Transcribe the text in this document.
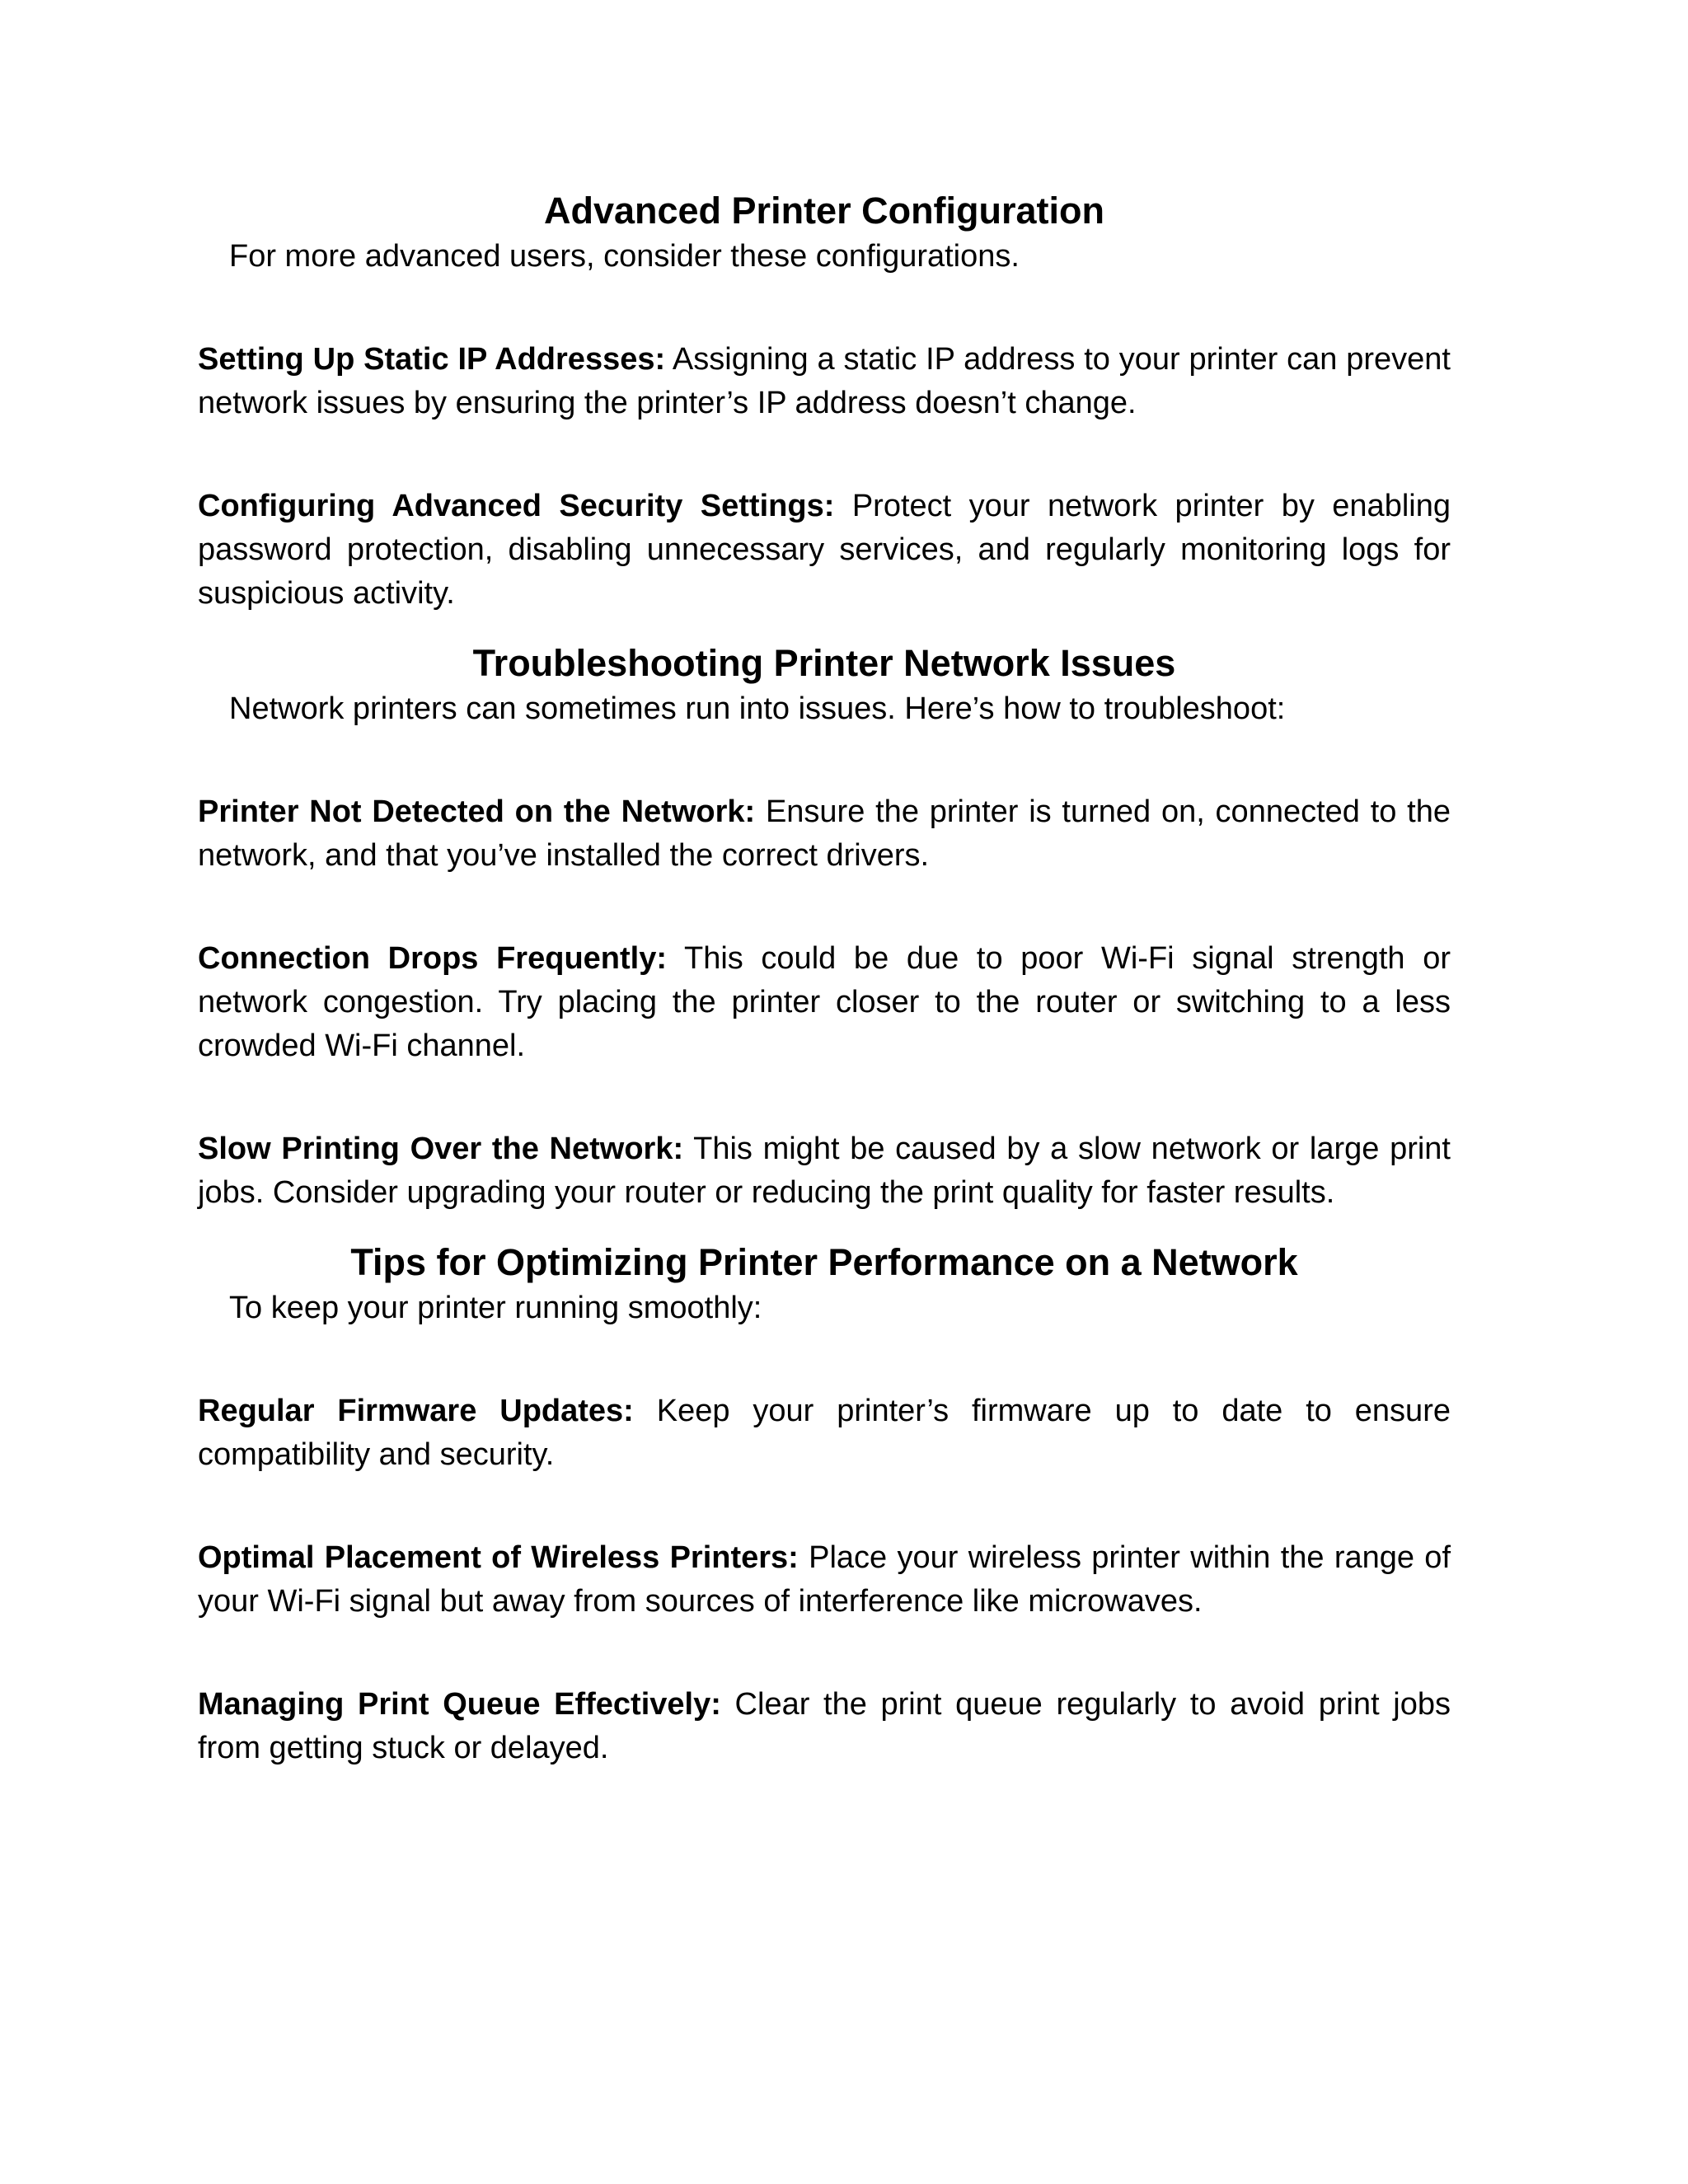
Advanced Printer Configuration

For more advanced users, consider these configurations.

Setting Up Static IP Addresses: Assigning a static IP address to your printer can prevent network issues by ensuring the printer’s IP address doesn’t change.

Configuring Advanced Security Settings: Protect your network printer by enabling password protection, disabling unnecessary services, and regularly monitoring logs for suspicious activity.

Troubleshooting Printer Network Issues

Network printers can sometimes run into issues. Here’s how to troubleshoot:

Printer Not Detected on the Network: Ensure the printer is turned on, connected to the network, and that you’ve installed the correct drivers.

Connection Drops Frequently: This could be due to poor Wi-Fi signal strength or network congestion. Try placing the printer closer to the router or switching to a less crowded Wi-Fi channel.

Slow Printing Over the Network: This might be caused by a slow network or large print jobs. Consider upgrading your router or reducing the print quality for faster results.

Tips for Optimizing Printer Performance on a Network

To keep your printer running smoothly:

Regular Firmware Updates: Keep your printer’s firmware up to date to ensure compatibility and security.

Optimal Placement of Wireless Printers: Place your wireless printer within the range of your Wi-Fi signal but away from sources of interference like microwaves.

Managing Print Queue Effectively: Clear the print queue regularly to avoid print jobs from getting stuck or delayed.
